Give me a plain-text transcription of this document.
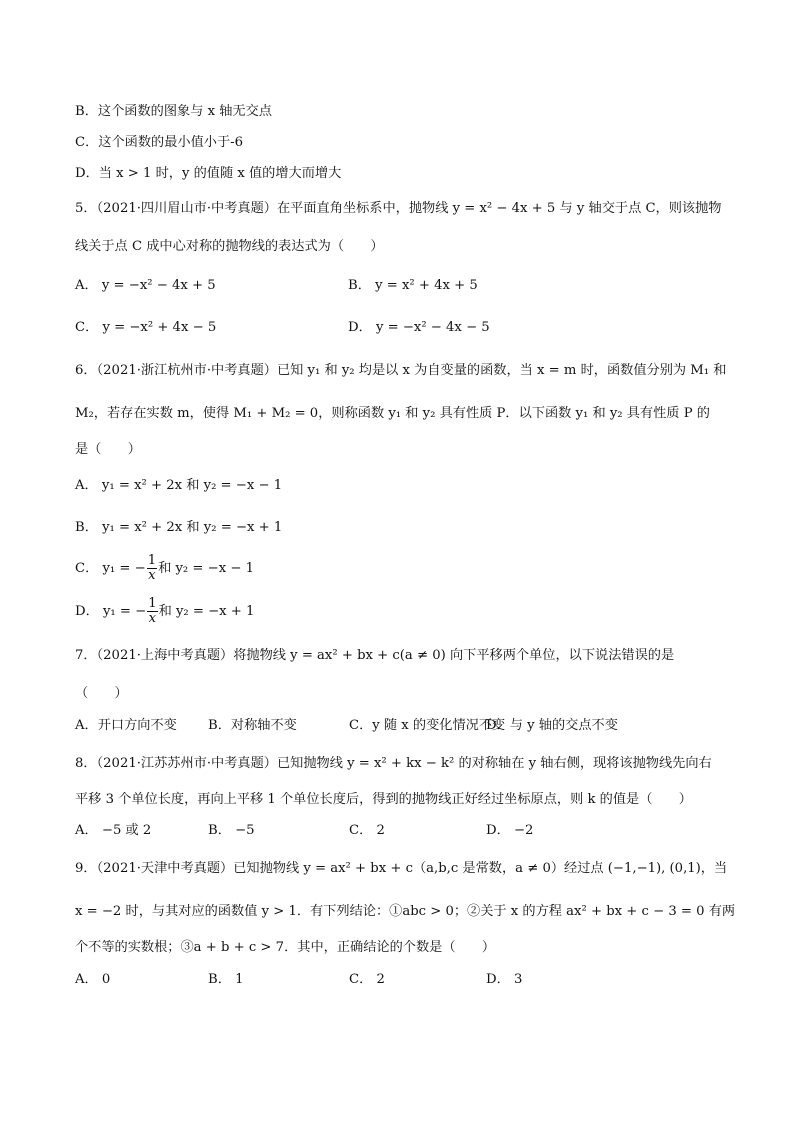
B．这个函数的图象与 x 轴无交点
C．这个函数的最小值小于-6
D．当 x > 1 时，y 的值随 x 值的增大而增大
5．（2021·四川眉山市·中考真题）在平面直角坐标系中，抛物线 y = x² − 4x + 5 与 y 轴交于点 C，则该抛物
线关于点 C 成中心对称的抛物线的表达式为（　　）
A． y = −x² − 4x + 5	B． y = x² + 4x + 5
C． y = −x² + 4x − 5	D． y = −x² − 4x − 5
6．（2021·浙江杭州市·中考真题）已知 y₁ 和 y₂ 均是以 x 为自变量的函数，当 x = m 时，函数值分别为 M₁ 和
M₂，若存在实数 m，使得 M₁ + M₂ = 0，则称函数 y₁ 和 y₂ 具有性质 P．以下函数 y₁ 和 y₂ 具有性质 P 的
是（　　）
A． y₁ = x² + 2x 和 y₂ = −x − 1
B． y₁ = x² + 2x 和 y₂ = −x + 1
C． y₁ = − $\frac{1}{x}$ 和 y₂ = −x − 1
D． y₁ = − $\frac{1}{x}$ 和 y₂ = −x + 1
7．（2021·上海中考真题）将抛物线 y = ax² + bx + c(a ≠ 0) 向下平移两个单位，以下说法错误的是
（　　）
A．开口方向不变 B．对称轴不变	C．y 随 x 的变化情况不变
D．与 y 轴的交点不变
8．（2021·江苏苏州市·中考真题）已知抛物线 y = x² + kx − k² 的对称轴在 y 轴右侧，现将该抛物线先向右
平移 3 个单位长度，再向上平移 1 个单位长度后，得到的抛物线正好经过坐标原点，则 k 的值是（　　）
A． −5 或 2	B． −5	C． 2	D． −2
9．（2021·天津中考真题）已知抛物线 y = ax² + bx + c（a,b,c 是常数，a ≠ 0）经过点 (−1,−1), (0,1)，当
x = −2 时，与其对应的函数值 y > 1．有下列结论：①abc > 0；②关于 x 的方程 ax² + bx + c − 3 = 0 有两
个不等的实数根；③a + b + c > 7．其中，正确结论的个数是（　　）
A． 0	B． 1	C． 2	D． 3
